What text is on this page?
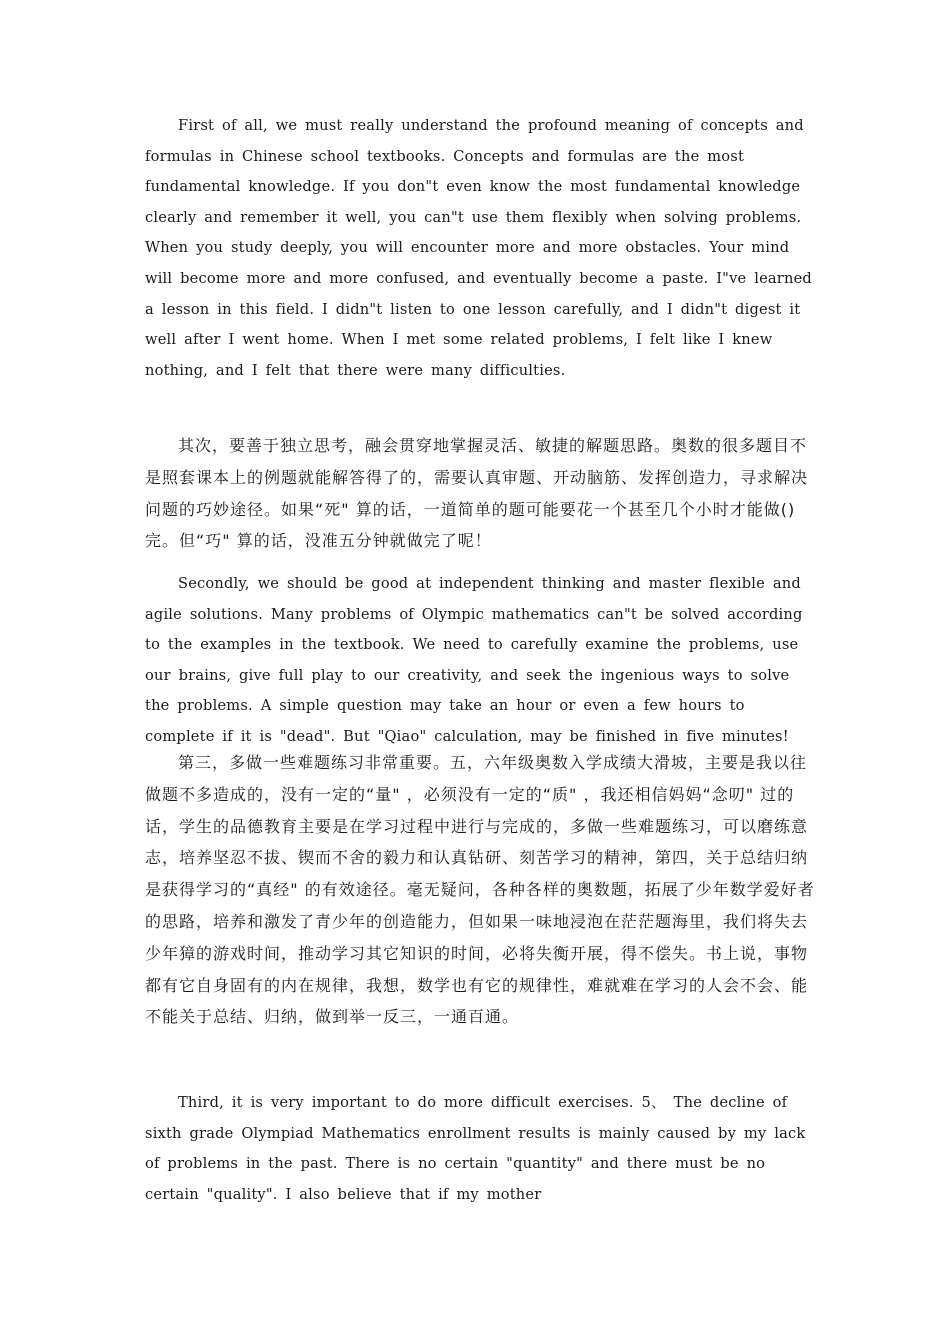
First of all, we must really understand the profound meaning of concepts and formulas in Chinese school textbooks. Concepts and formulas are the most fundamental knowledge. If you don"t even know the most fundamental knowledge clearly and remember it well, you can"t use them flexibly when solving problems. When you study deeply, you will encounter more and more obstacles. Your mind will become more and more confused, and eventually become a paste. I"ve learned a lesson in this field. I didn"t listen to one lesson carefully, and I didn"t digest it well after I went home. When I met some related problems, I felt like I knew nothing, and I felt that there were many difficulties.

其次，要善于独立思考，融会贯穿地掌握灵活、敏捷的解题思路。奥数的很多题目不是照套课本上的例题就能解答得了的，需要认真审题、开动脑筋、发挥创造力，寻求解决问题的巧妙途径。如果“死" 算的话，一道简单的题可能要花一个甚至几个小时才能做()完。但“巧" 算的话，没准五分钟就做完了呢！

Secondly, we should be good at independent thinking and master flexible and agile solutions. Many problems of Olympic mathematics can"t be solved according to the examples in the textbook. We need to carefully examine the problems, use our brains, give full play to our creativity, and seek the ingenious ways to solve the problems. A simple question may take an hour or even a few hours to complete if it is "dead". But "Qiao" calculation, may be finished in five minutes!

第三，多做一些难题练习非常重要。五，六年级奥数入学成绩大滑坡，主要是我以往做题不多造成的，没有一定的“量" ，必须没有一定的“质" ，我还相信妈妈“念叨" 过的话，学生的品德教育主要是在学习过程中进行与完成的，多做一些难题练习，可以磨练意志，培养坚忍不拔、锲而不舍的毅力和认真钻研、刻苦学习的精神，第四，关于总结归纳是获得学习的“真经" 的有效途径。毫无疑问，各种各样的奥数题，拓展了少年数学爱好者的思路，培养和激发了青少年的创造能力，但如果一味地浸泡在茫茫题海里，我们将失去少年獐的游戏时间，推动学习其它知识的时间，必将失衡开展，得不偿失。书上说，事物都有它自身固有的内在规律，我想，数学也有它的规律性，难就难在学习的人会不会、能不能关于总结、归纳，做到举一反三，一通百通。

Third, it is very important to do more difficult exercises. 5、 The decline of sixth grade Olympiad Mathematics enrollment results is mainly caused by my lack of problems in the past. There is no certain "quantity" and there must be no certain "quality". I also believe that if my mother
